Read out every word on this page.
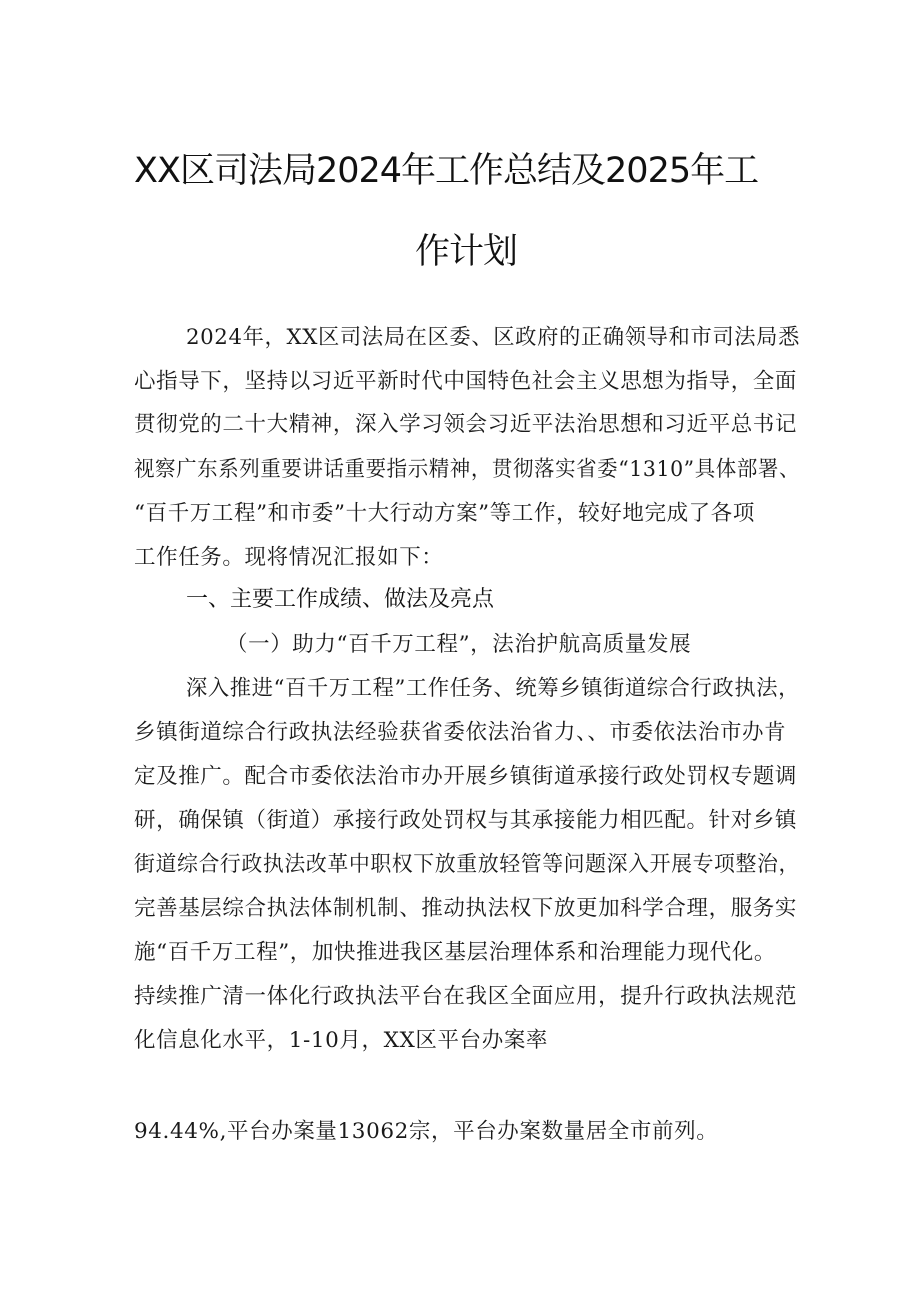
XX区司法局2024年工作总结及2025年工
作计划
2024年，XX区司法局在区委、区政府的正确领导和市司法局悉
心指导下，坚持以习近平新时代中国特色社会主义思想为指导，全面
贯彻党的二十大精神，深入学习领会习近平法治思想和习近平总书记
视察广东系列重要讲话重要指示精神，贯彻落实省委“1310”具体部署、
“百千万工程”和市委”十大行动方案”等工作，较好地完成了各项
工作任务。现将情况汇报如下：
一、主要工作成绩、做法及亮点
（一）助力“百千万工程”，法治护航高质量发展
深入推进“百千万工程”工作任务、统筹乡镇街道综合行政执法，
乡镇街道综合行政执法经验获省委依法治省力、、市委依法治市办肯
定及推广。配合市委依法治市办开展乡镇街道承接行政处罚权专题调
研，确保镇（街道）承接行政处罚权与其承接能力相匹配。针对乡镇
街道综合行政执法改革中职权下放重放轻管等问题深入开展专项整治，
完善基层综合执法体制机制、推动执法权下放更加科学合理，服务实
施“百千万工程”，加快推进我区基层治理体系和治理能力现代化。
持续推广清一体化行政执法平台在我区全面应用，提升行政执法规范
化信息化水平，1-10月，XX区平台办案率
94.44%,平台办案量13062宗，平台办案数量居全市前列。
